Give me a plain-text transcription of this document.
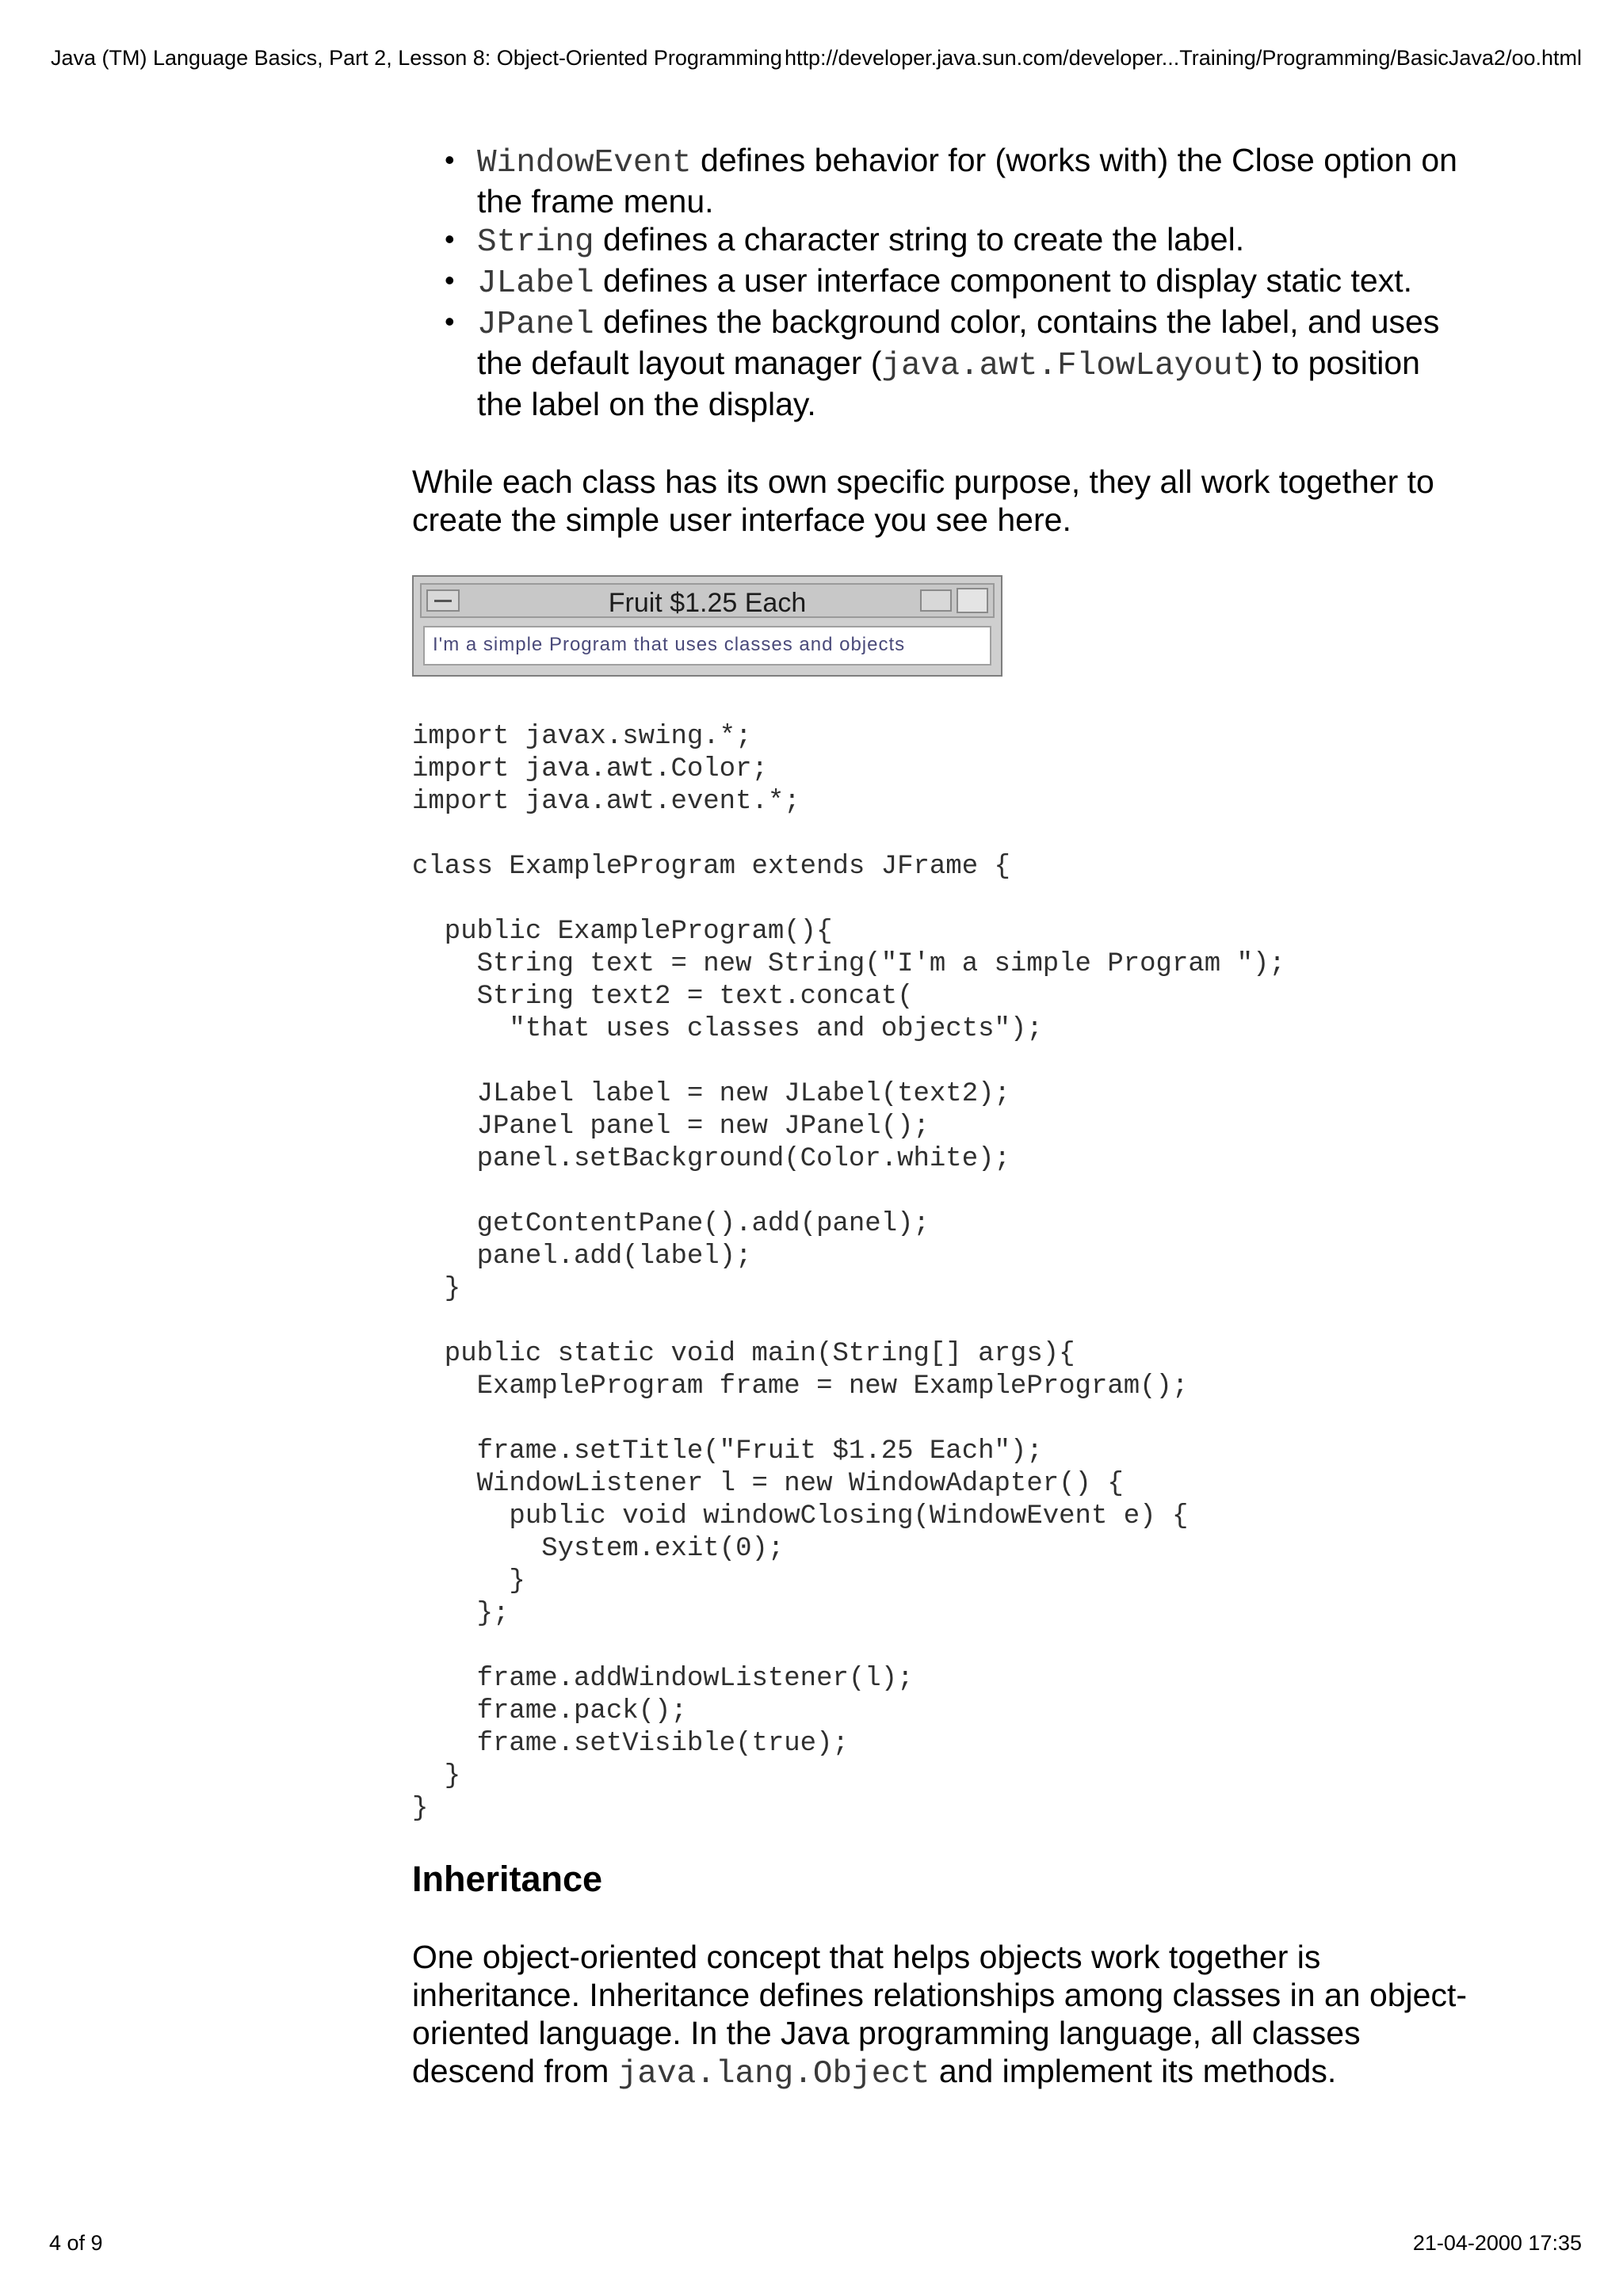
Java (TM) Language Basics, Part 2, Lesson 8: Object-Oriented Programming http://developer.java.sun.com/developer...Training/Programming/BasicJava2/oo.html
• WindowEvent defines behavior for (works with) the Close option on the frame menu.
• String defines a character string to create the label.
• JLabel defines a user interface component to display static text.
• JPanel defines the background color, contains the label, and uses the default layout manager (java.awt.FlowLayout) to position the label on the display.

While each class has its own specific purpose, they all work together to create the simple user interface you see here.

Fruit $1.25 Each
I'm a simple Program that uses classes and objects
import javax.swing.*;
import java.awt.Color;
import java.awt.event.*;

class ExampleProgram extends JFrame {

public ExampleProgram(){
String text = new String("I'm a simple Program ");
String text2 = text.concat(
"that uses classes and objects");

JLabel label = new JLabel(text2);
JPanel panel = new JPanel();
panel.setBackground(Color.white);

getContentPane().add(panel);
panel.add(label);
}

public static void main(String[] args){
ExampleProgram frame = new ExampleProgram();

frame.setTitle("Fruit $1.25 Each");
WindowListener l = new WindowAdapter() {
public void windowClosing(WindowEvent e) {
System.exit(0);
}
};

frame.addWindowListener(l);
frame.pack();
frame.setVisible(true);
}
}
Inheritance

One object-oriented concept that helps objects work together is inheritance. Inheritance defines relationships among classes in an object-oriented language. In the Java programming language, all classes descend from java.lang.Object and implement its methods.

4 of 9	21-04-2000 17:35
